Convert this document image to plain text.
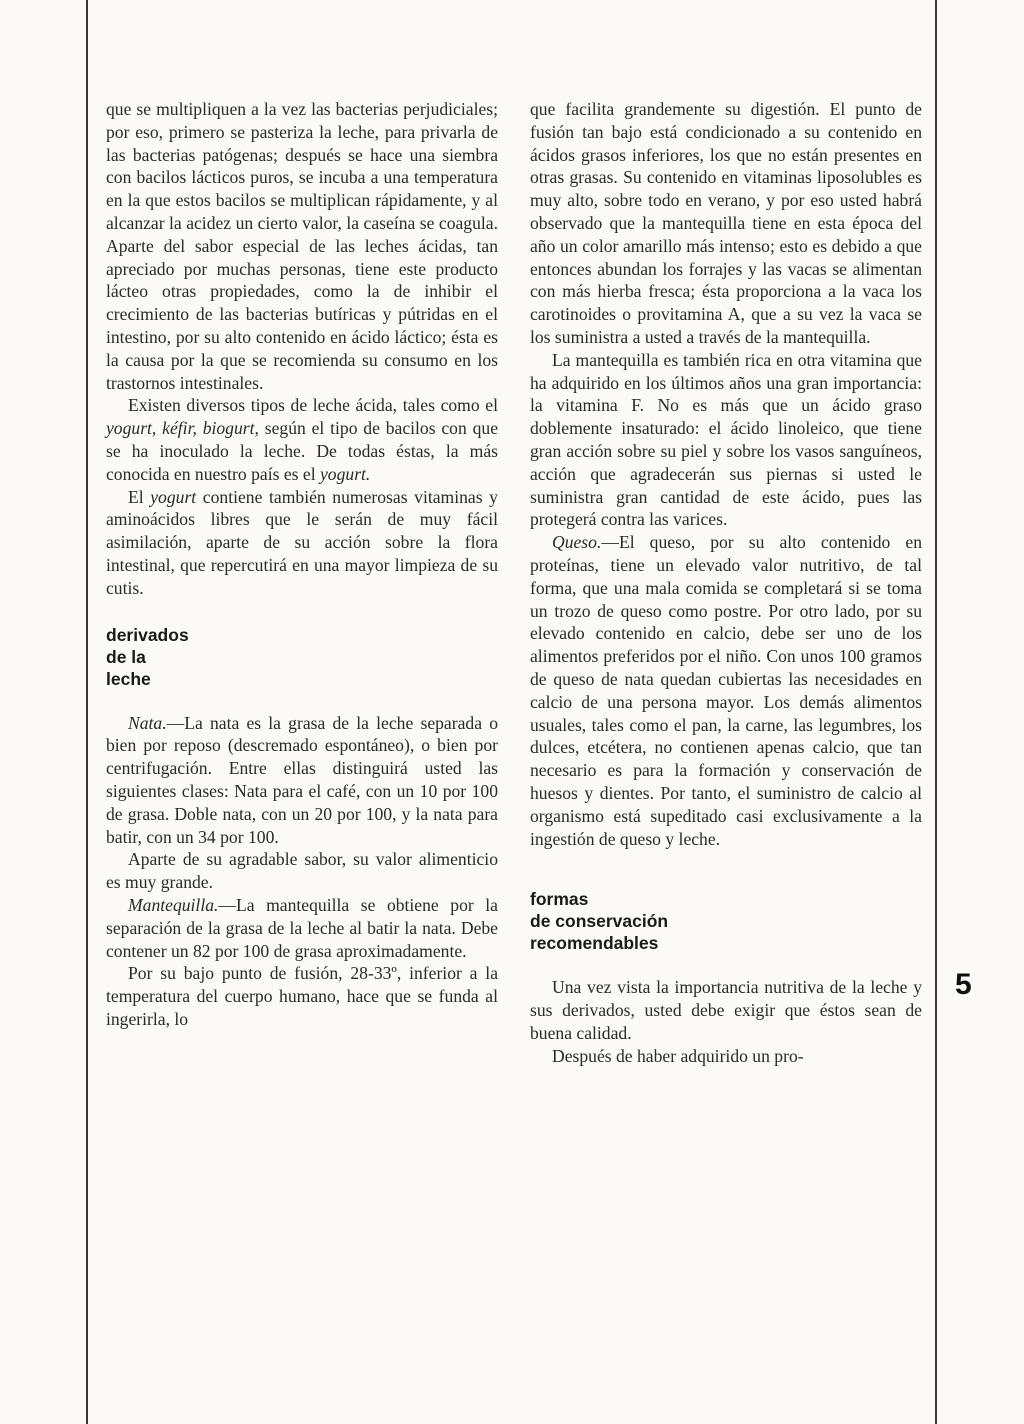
que se multipliquen a la vez las bacterias perjudiciales; por eso, primero se pasteriza la leche, para privarla de las bacterias patógenas; después se hace una siembra con bacilos lácticos puros, se incuba a una temperatura en la que estos bacilos se multiplican rápidamente, y al alcanzar la acidez un cierto valor, la caseína se coagula. Aparte del sabor especial de las leches ácidas, tan apreciado por muchas personas, tiene este producto lácteo otras propiedades, como la de inhibir el crecimiento de las bacterias butíricas y pútridas en el intestino, por su alto contenido en ácido láctico; ésta es la causa por la que se recomienda su consumo en los trastornos intestinales.

Existen diversos tipos de leche ácida, tales como el yogurt, kéfir, biogurt, según el tipo de bacilos con que se ha inoculado la leche. De todas éstas, la más conocida en nuestro país es el yogurt.

El yogurt contiene también numerosas vitaminas y aminoácidos libres que le serán de muy fácil asimilación, aparte de su acción sobre la flora intestinal, que repercutirá en una mayor limpieza de su cutis.

derivados
de la
leche

Nata.—La nata es la grasa de la leche separada o bien por reposo (descremado espontáneo), o bien por centrifugación. Entre ellas distinguirá usted las siguientes clases: Nata para el café, con un 10 por 100 de grasa. Doble nata, con un 20 por 100, y la nata para batir, con un 34 por 100.

Aparte de su agradable sabor, su valor alimenticio es muy grande.

Mantequilla.—La mantequilla se obtiene por la separación de la grasa de la leche al batir la nata. Debe contener un 82 por 100 de grasa aproximadamente.

Por su bajo punto de fusión, 28-33º, inferior a la temperatura del cuerpo humano, hace que se funda al ingerirla, lo

que facilita grandemente su digestión. El punto de fusión tan bajo está condicionado a su contenido en ácidos grasos inferiores, los que no están presentes en otras grasas. Su contenido en vitaminas liposolubles es muy alto, sobre todo en verano, y por eso usted habrá observado que la mantequilla tiene en esta época del año un color amarillo más intenso; esto es debido a que entonces abundan los forrajes y las vacas se alimentan con más hierba fresca; ésta proporciona a la vaca los carotinoides o provitamina A, que a su vez la vaca se los suministra a usted a través de la mantequilla.

La mantequilla es también rica en otra vitamina que ha adquirido en los últimos años una gran importancia: la vitamina F. No es más que un ácido graso doblemente insaturado: el ácido linoleico, que tiene gran acción sobre su piel y sobre los vasos sanguíneos, acción que agradecerán sus piernas si usted le suministra gran cantidad de este ácido, pues las protegerá contra las varices.

Queso.—El queso, por su alto contenido en proteínas, tiene un elevado valor nutritivo, de tal forma, que una mala comida se completará si se toma un trozo de queso como postre. Por otro lado, por su elevado contenido en calcio, debe ser uno de los alimentos preferidos por el niño. Con unos 100 gramos de queso de nata quedan cubiertas las necesidades en calcio de una persona mayor. Los demás alimentos usuales, tales como el pan, la carne, las legumbres, los dulces, etcétera, no contienen apenas calcio, que tan necesario es para la formación y conservación de huesos y dientes. Por tanto, el suministro de calcio al organismo está supeditado casi exclusivamente a la ingestión de queso y leche.

formas
de conservación
recomendables

Una vez vista la importancia nutritiva de la leche y sus derivados, usted debe exigir que éstos sean de buena calidad.

Después de haber adquirido un pro-

5
